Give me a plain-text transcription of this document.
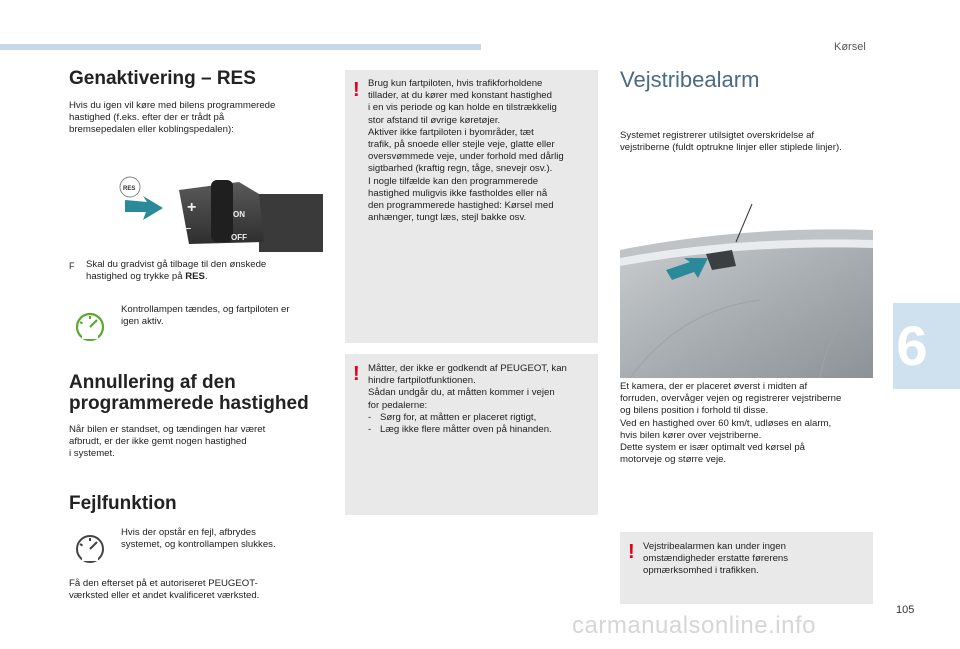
Kørsel
6
Genaktivering – RES
Hvis du igen vil køre med bilens programmerede
hastighed (f.eks. efter der er trådt på
bremsepedalen eller koblingspedalen):
+
–
ON
OFF
RES
F Skal du gradvist gå tilbage til den ønskede
hastighed og trykke på RES.
Kontrollampen tændes, og fartpiloten er
igen aktiv.
Annullering af den
programmerede hastighed
Når bilen er standset, og tændingen har været
afbrudt, er der ikke gemt nogen hastighed
i systemet.
Fejlfunktion
Hvis der opstår en fejl, afbrydes
systemet, og kontrollampen slukkes.
Få den efterset på et autoriseret PEUGEOT-
værksted eller et andet kvalificeret værksted.
! Brug kun fartpiloten, hvis trafikforholdene
tillader, at du kører med konstant hastighed
i en vis periode og kan holde en tilstrækkelig
stor afstand til øvrige køretøjer.
Aktiver ikke fartpiloten i byområder, tæt
trafik, på snoede eller stejle veje, glatte eller
oversvømmede veje, under forhold med dårlig
sigtbarhed (kraftig regn, tåge, snevejr osv.).
I nogle tilfælde kan den programmerede
hastighed muligvis ikke fastholdes eller nå
den programmerede hastighed: Kørsel med
anhænger, tungt læs, stejl bakke osv.
! Måtter, der ikke er godkendt af PEUGEOT, kan
hindre fartpilotfunktionen.
Sådan undgår du, at måtten kommer i vejen
for pedalerne:
- Sørg for, at måtten er placeret rigtigt,
- Læg ikke flere måtter oven på hinanden.
Vejstribealarm
Systemet registrerer utilsigtet overskridelse af
vejstriberne (fuldt optrukne linjer eller stiplede linjer).
Et kamera, der er placeret øverst i midten af
forruden, overvåger vejen og registrerer vejstriberne
og bilens position i forhold til disse.
Ved en hastighed over 60 km/t, udløses en alarm,
hvis bilen kører over vejstriberne.
Dette system er især optimalt ved kørsel på
motorveje og større veje.
! Vejstribealarmen kan under ingen
omstændigheder erstatte førerens
opmærksomhed i trafikken.
105
carmanualsonline.info
